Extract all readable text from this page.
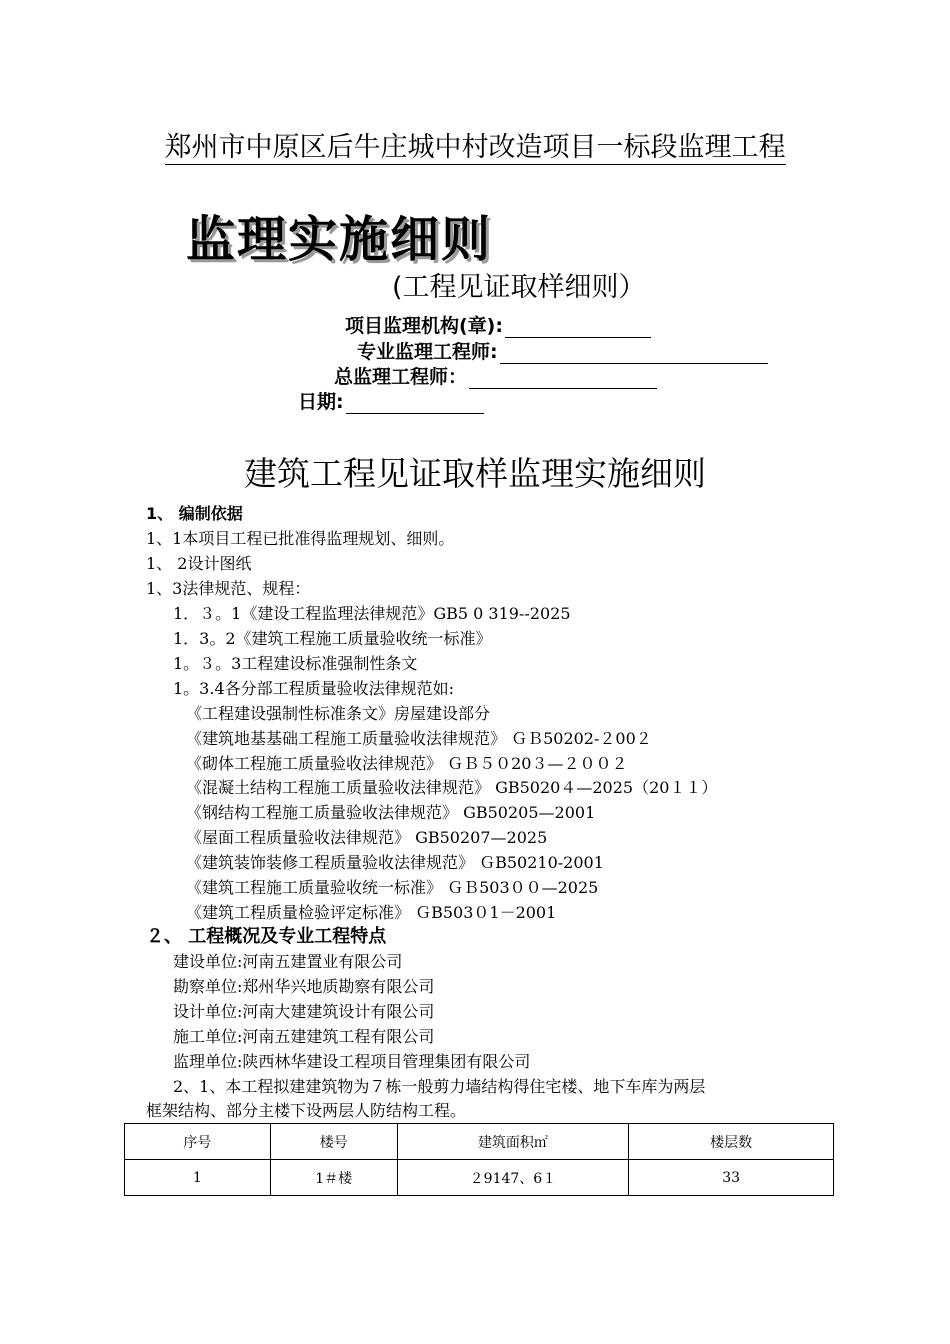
郑州市中原区后牛庄城中村改造项目一标段监理工程
监理实施细则
(工程见证取样细则）
项目监理机构(章):
专业监理工程师:
总监理工程师：
日期:
建筑工程见证取样监理实施细则
1、 编制依据
1、1本项目工程已批准得监理规划、细则。
1、 2设计图纸
1、3法律规范、规程：
1．３。1《建设工程监理法律规范》GB5 0 319--2025
1．3。2《建筑工程施工质量验收统一标准》
1。３。3工程建设标准强制性条文
1。3.4各分部工程质量验收法律规范如:
《工程建设强制性标准条文》房屋建设部分
《建筑地基基础工程施工质量验收法律规范》 ＧＢ50202-２00２
《砌体工程施工质量验收法律规范》 ＧＢ５０20３—２００２
《混凝土结构工程施工质量验收法律规范》 GB5020４—2025（20１１）
《钢结构工程施工质量验收法律规范》 GB50205—2001
《屋面工程质量验收法律规范》 GB50207—2025
《建筑装饰装修工程质量验收法律规范》 ＧB50210-2001
《建筑工程施工质量验收统一标准》 ＧＢ503００—2025
《建筑工程质量检验评定标准》 ＧB503０1－2001
２、 工程概况及专业工程特点
建设单位:河南五建置业有限公司
勘察单位:郑州华兴地质勘察有限公司
设计单位:河南大建建筑设计有限公司
施工单位:河南五建建筑工程有限公司
监理单位:陕西林华建设工程项目管理集团有限公司
2、1、本工程拟建建筑物为７栋一般剪力墙结构得住宅楼、地下车库为两层
框架结构、部分主楼下设两层人防结构工程。
序号	楼号	建筑面积㎡	楼层数
1	1＃楼	２9147、6１	33
